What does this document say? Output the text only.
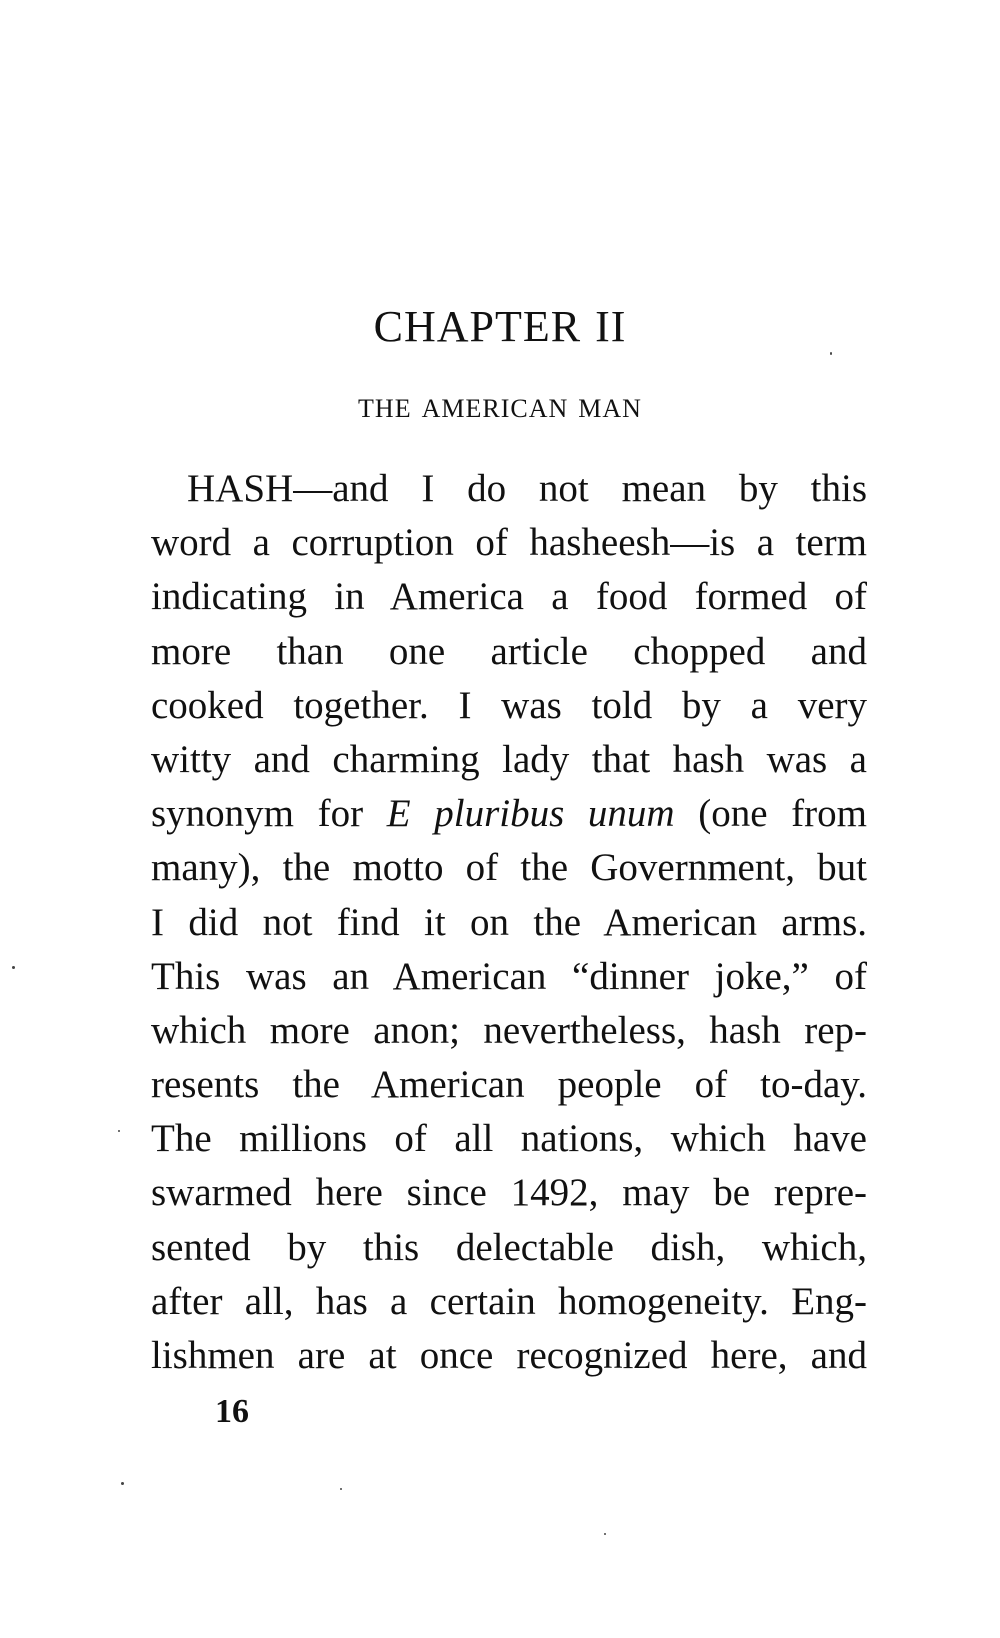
CHAPTER II
THE AMERICAN MAN
HASH—and I do not mean by this
word a corruption of hasheesh—is a term
indicating in America a food formed of
more than one article chopped and
cooked together. I was told by a very
witty and charming lady that hash was a
synonym for E pluribus unum (one from
many), the motto of the Government, but
I did not find it on the American arms.
This was an American “dinner joke,” of
which more anon; nevertheless, hash rep-
resents the American people of to-day.
The millions of all nations, which have
swarmed here since 1492, may be repre-
sented by this delectable dish, which,
after all, has a certain homogeneity. Eng-
lishmen are at once recognized here, and

16
